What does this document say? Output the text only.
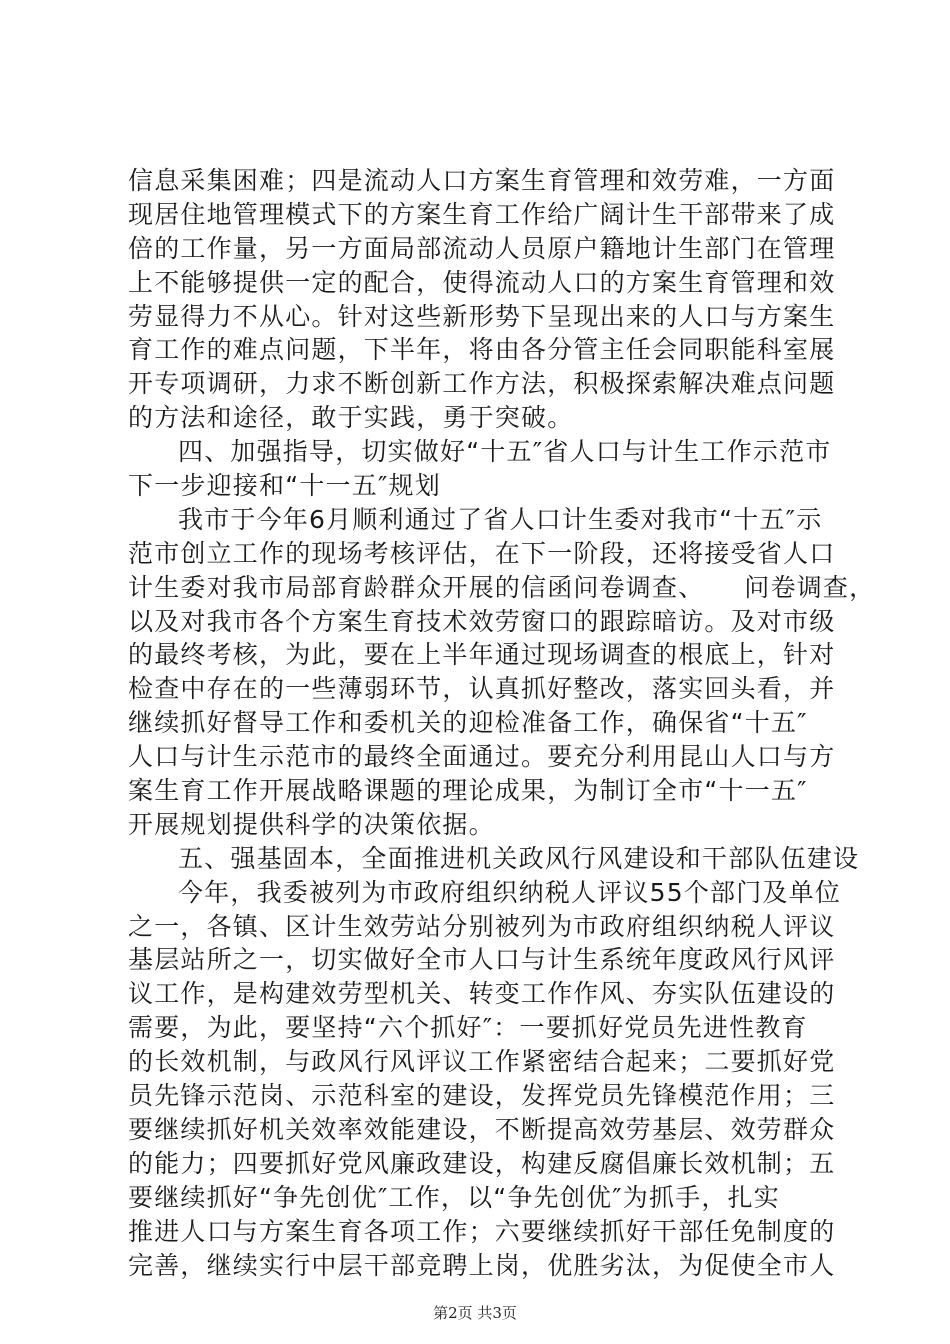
信息采集困难；四是流动人口方案生育管理和效劳难，一方面
现居住地管理模式下的方案生育工作给广阔计生干部带来了成
倍的工作量，另一方面局部流动人员原户籍地计生部门在管理
上不能够提供一定的配合，使得流动人口的方案生育管理和效
劳显得力不从心。针对这些新形势下呈现出来的人口与方案生
育工作的难点问题，下半年，将由各分管主任会同职能科室展
开专项调研，力求不断创新工作方法，积极探索解决难点问题
的方法和途径，敢于实践，勇于突破。
四、加强指导，切实做好“十五″省人口与计生工作示范市
下一步迎接和“十一五″规划
我市于今年6月顺利通过了省人口计生委对我市“十五″示
范市创立工作的现场考核评估，在下一阶段，还将接受省人口
计生委对我市局部育龄群众开展的信函问卷调查、　　问卷调查，
以及对我市各个方案生育技术效劳窗口的跟踪暗访。及对市级
的最终考核，为此，要在上半年通过现场调查的根底上，针对
检查中存在的一些薄弱环节，认真抓好整改，落实回头看，并
继续抓好督导工作和委机关的迎检准备工作，确保省“十五″
人口与计生示范市的最终全面通过。要充分利用昆山人口与方
案生育工作开展战略课题的理论成果，为制订全市“十一五″
开展规划提供科学的决策依据。
五、强基固本，全面推进机关政风行风建设和干部队伍建设
今年，我委被列为市政府组织纳税人评议55个部门及单位
之一，各镇、区计生效劳站分别被列为市政府组织纳税人评议
基层站所之一，切实做好全市人口与计生系统年度政风行风评
议工作，是构建效劳型机关、转变工作作风、夯实队伍建设的
需要，为此，要坚持“六个抓好″：一要抓好党员先进性教育
的长效机制，与政风行风评议工作紧密结合起来；二要抓好党
员先锋示范岗、示范科室的建设，发挥党员先锋模范作用；三
要继续抓好机关效率效能建设，不断提高效劳基层、效劳群众
的能力；四要抓好党风廉政建设，构建反腐倡廉长效机制；五
要继续抓好“争先创优″工作，以“争先创优″为抓手，扎实
推进人口与方案生育各项工作；六要继续抓好干部任免制度的
完善，继续实行中层干部竞聘上岗，优胜劣汰，为促使全市人
第2页 共3页
